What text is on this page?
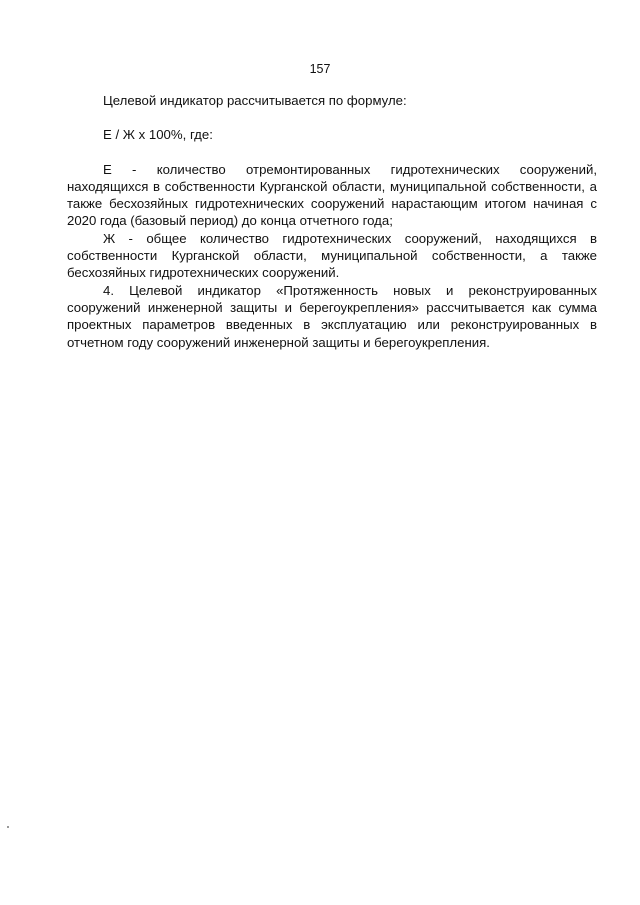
157

Целевой индикатор рассчитывается по формуле:

Е / Ж х 100%, где:

Е - количество отремонтированных гидротехнических сооружений, находящихся в собственности Курганской области, муниципальной собственности, а также бесхозяйных гидротехнических сооружений нарастающим итогом начиная с 2020 года (базовый период) до конца отчетного года;

Ж - общее количество гидротехнических сооружений, находящихся в собственности Курганской области, муниципальной собственности, а также бесхозяйных гидротехнических сооружений.

4. Целевой индикатор «Протяженность новых и реконструированных сооружений инженерной защиты и берегоукрепления» рассчитывается как сумма проектных параметров введенных в эксплуатацию или реконструированных в отчетном году сооружений инженерной защиты и берегоукрепления.
